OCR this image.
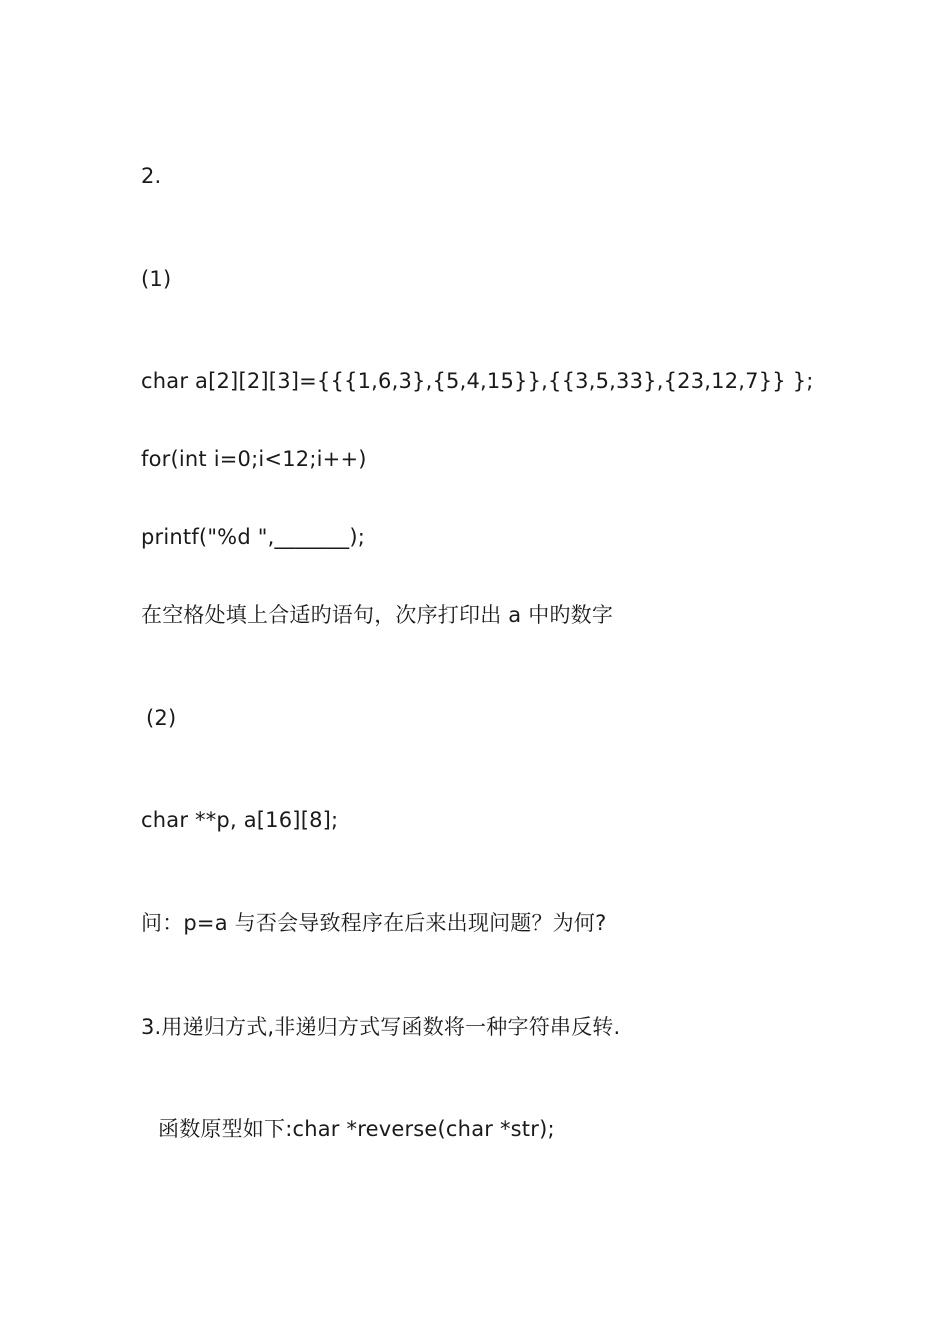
2.
(1)
char a[2][2][3]={{{1,6,3},{5,4,15}},{{3,5,33},{23,12,7}} };
for(int i=0;i<12;i++)
printf("%d ",_______);
在空格处填上合适旳语句，次序打印出 a 中旳数字
(2)
char **p, a[16][8];
问：p=a 与否会导致程序在后来出现问题？为何?
3.用递归方式,非递归方式写函数将一种字符串反转.
函数原型如下:char *reverse(char *str);
